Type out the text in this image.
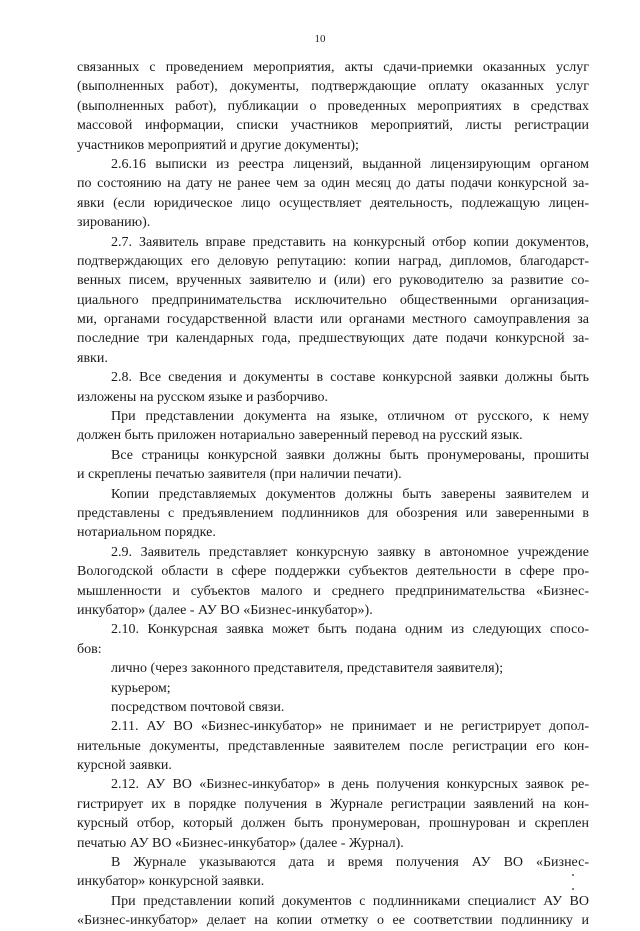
10
связанных с проведением мероприятия, акты сдачи-приемки оказанных услуг
(выполненных работ), документы, подтверждающие оплату оказанных услуг
(выполненных работ), публикации о проведенных мероприятиях в средствах
массовой информации, списки участников мероприятий, листы регистрации
участников мероприятий и другие документы);
2.6.16 выписки из реестра лицензий, выданной лицензирующим органом
по состоянию на дату не ранее чем за один месяц до даты подачи конкурсной за-
явки (если юридическое лицо осуществляет деятельность, подлежащую лицен-
зированию).
2.7. Заявитель вправе представить на конкурсный отбор копии документов,
подтверждающих его деловую репутацию: копии наград, дипломов, благодарст-
венных писем, врученных заявителю и (или) его руководителю за развитие со-
циального предпринимательства исключительно общественными организация-
ми, органами государственной власти или органами местного самоуправления за
последние три календарных года, предшествующих дате подачи конкурсной за-
явки.
2.8. Все сведения и документы в составе конкурсной заявки должны быть
изложены на русском языке и разборчиво.
При представлении документа на языке, отличном от русского, к нему
должен быть приложен нотариально заверенный перевод на русский язык.
Все страницы конкурсной заявки должны быть пронумерованы, прошиты
и скреплены печатью заявителя (при наличии печати).
Копии представляемых документов должны быть заверены заявителем и
представлены с предъявлением подлинников для обозрения или заверенными в
нотариальном порядке.
2.9. Заявитель представляет конкурсную заявку в автономное учреждение
Вологодской области в сфере поддержки субъектов деятельности в сфере про-
мышленности и субъектов малого и среднего предпринимательства «Бизнес-
инкубатор» (далее - АУ ВО «Бизнес-инкубатор»).
2.10. Конкурсная заявка может быть подана одним из следующих спосо-
бов:
лично (через законного представителя, представителя заявителя);
курьером;
посредством почтовой связи.
2.11. АУ ВО «Бизнес-инкубатор» не принимает и не регистрирует допол-
нительные документы, представленные заявителем после регистрации его кон-
курсной заявки.
2.12. АУ ВО «Бизнес-инкубатор» в день получения конкурсных заявок ре-
гистрирует их в порядке получения в Журнале регистрации заявлений на кон-
курсный отбор, который должен быть пронумерован, прошнурован и скреплен
печатью АУ ВО «Бизнес-инкубатор» (далее - Журнал).
В Журнале указываются дата и время получения АУ ВО «Бизнес-
инкубатор» конкурсной заявки.
При представлении копий документов с подлинниками специалист АУ ВО
«Бизнес-инкубатор» делает на копии отметку о ее соответствии подлиннику и
